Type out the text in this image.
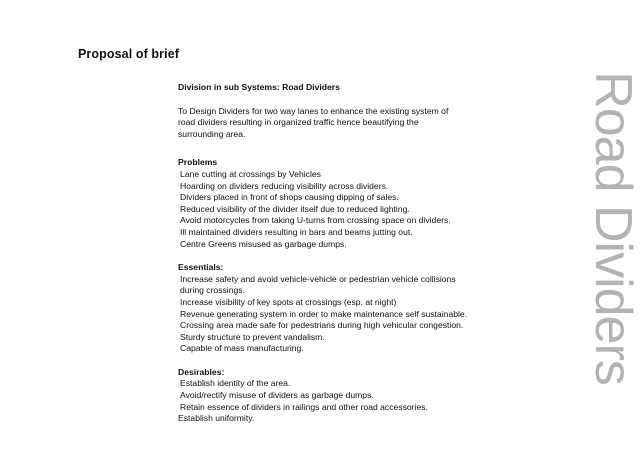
Proposal of brief
Division in sub Systems: Road Dividers
To Design Dividers for two way lanes to enhance the existing system of road dividers resulting in organized traffic hence beautifying the surrounding area.
Problems
Lane cutting at crossings by Vehicles
Hoarding on dividers reducing visibility across dividers.
Dividers placed in front of shops causing dipping of sales.
Reduced visibility of the divider itself due to reduced lighting.
Avoid motorcycles from taking U-turns from crossing space on dividers.
Ill maintained dividers resulting in bars and beams jutting out.
Centre Greens misused as garbage dumps.
Essentials:
Increase safety and avoid vehicle-vehicle or pedestrian vehicle collisions during crossings.
Increase visibility of key spots at crossings (esp. at night)
Revenue generating system in order to make maintenance self sustainable.
Crossing area made safe for pedestrians during high vehicular congestion.
Sturdy structure to prevent vandalism.
Capable of mass manufacturing.
Desirables:
Establish identity of the area.
Avoid/rectify misuse of dividers as garbage dumps.
Retain essence of dividers in railings and other road accessories.
Establish uniformity.
Road Dividers
